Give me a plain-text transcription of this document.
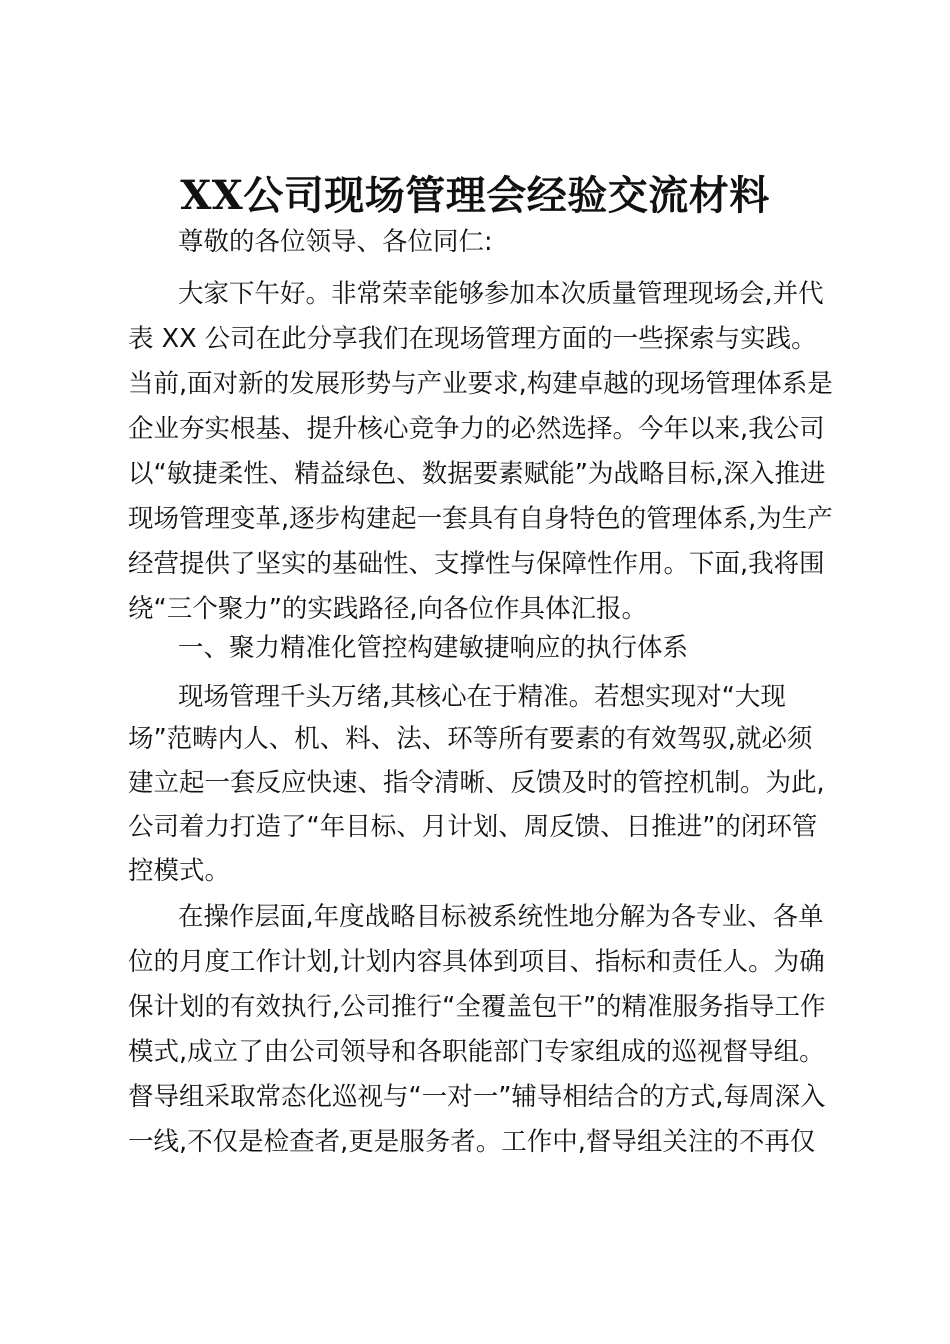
XX公司现场管理会经验交流材料

尊敬的各位领导、各位同仁:

大家下午好。非常荣幸能够参加本次质量管理现场会,并代

表 XX 公司在此分享我们在现场管理方面的一些探索与实践。

当前,面对新的发展形势与产业要求,构建卓越的现场管理体系是

企业夯实根基、提升核心竞争力的必然选择。今年以来,我公司

以“敏捷柔性、精益绿色、数据要素赋能”为战略目标,深入推进

现场管理变革,逐步构建起一套具有自身特色的管理体系,为生产

经营提供了坚实的基础性、支撑性与保障性作用。下面,我将围

绕“三个聚力”的实践路径,向各位作具体汇报。

一、聚力精准化管控构建敏捷响应的执行体系

现场管理千头万绪,其核心在于精准。若想实现对“大现

场”范畴内人、机、料、法、环等所有要素的有效驾驭,就必须

建立起一套反应快速、指令清晰、反馈及时的管控机制。为此,

公司着力打造了“年目标、月计划、周反馈、日推进”的闭环管

控模式。

在操作层面,年度战略目标被系统性地分解为各专业、各单

位的月度工作计划,计划内容具体到项目、指标和责任人。为确

保计划的有效执行,公司推行“全覆盖包干”的精准服务指导工作

模式,成立了由公司领导和各职能部门专家组成的巡视督导组。

督导组采取常态化巡视与“一对一”辅导相结合的方式,每周深入

一线,不仅是检查者,更是服务者。工作中,督导组关注的不再仅
